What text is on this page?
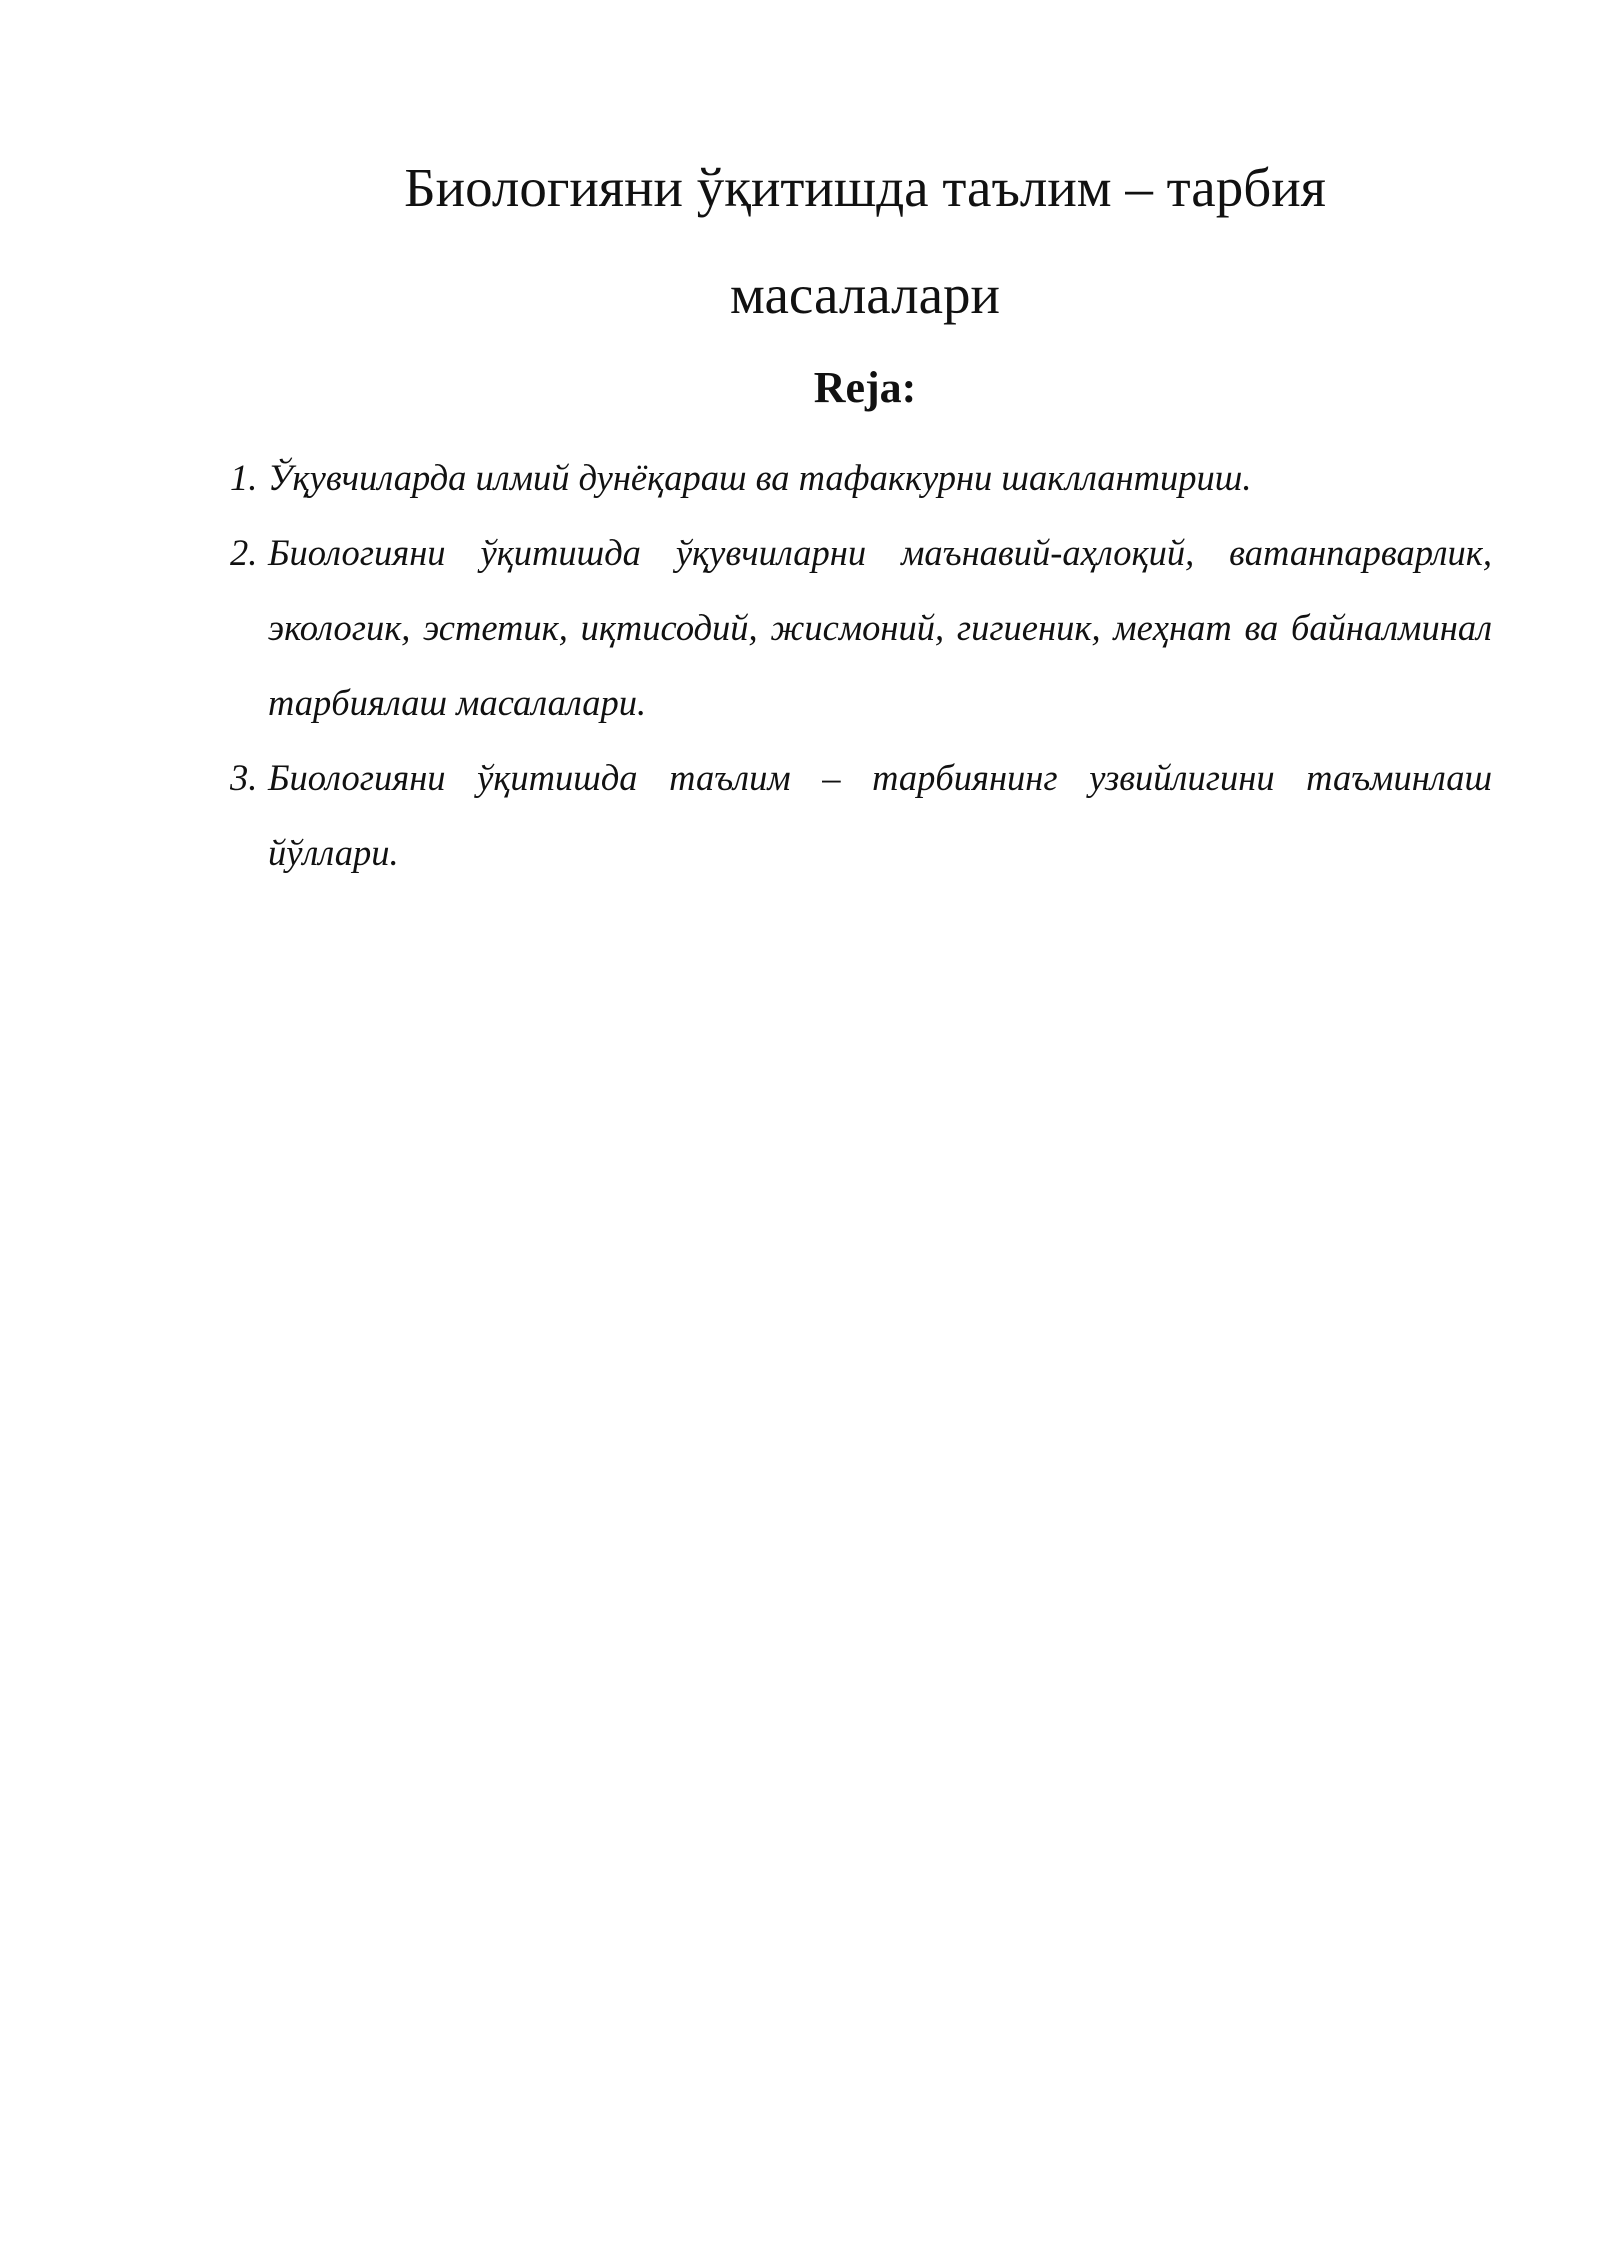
Биологияни ўқитишда таълим – тарбия
масалалари
Reja:
1. Ўқувчиларда илмий дунёқараш ва тафаккурни шакллантириш.
2. Биологияни ўқитишда ўқувчиларни маънавий-аҳлоқий, ватанпарварлик, экологик, эстетик, иқтисодий, жисмоний, гигиеник, меҳнат ва байналминал тарбиялаш масалалари.
3. Биологияни ўқитишда таълим – тарбиянинг узвийлигини таъминлаш йўллари.
